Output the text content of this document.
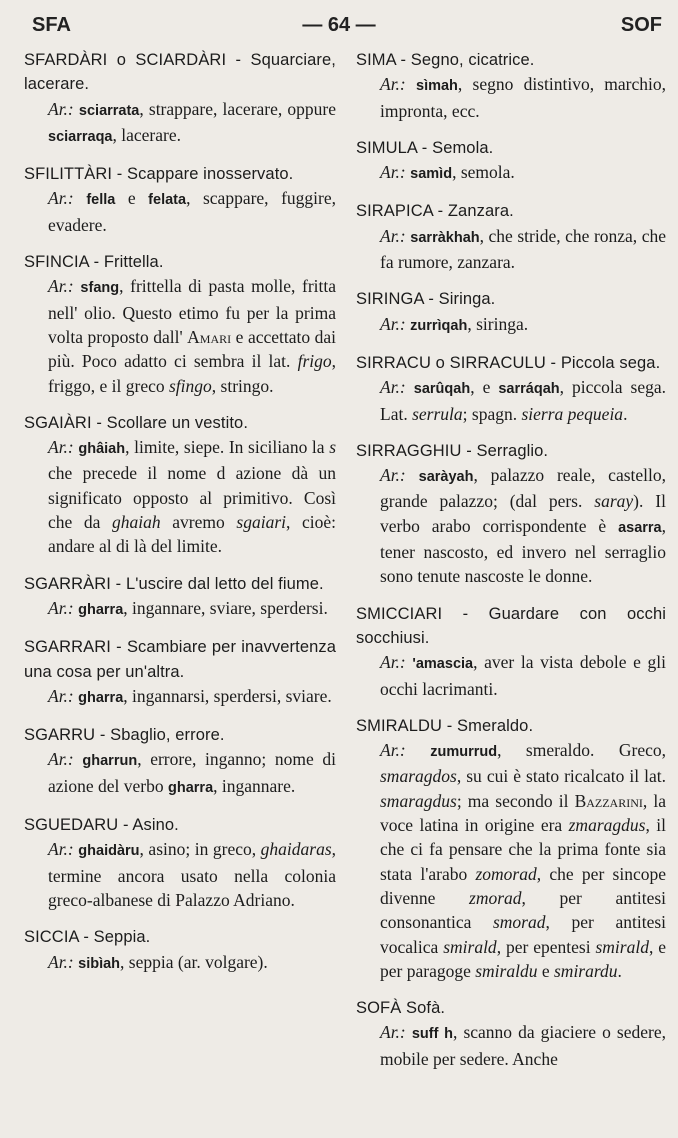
SFA	— 64 —	SOF
SFARDÀRI o SCIARDÀRI - Squarciare, lacerare.
Ar.: sciarrata, strappare, lacerare, oppure sciarraqa, lacerare.
SFILITTÀRI - Scappare inosservato.
Ar.: fella e felata, scappare, fuggire, evadere.
SFINCIA - Frittella.
Ar.: sfang, frittella di pasta molle, fritta nell' olio. Questo etimo fu per la prima volta proposto dall' Amari e accettato dai più. Poco adatto ci sembra il lat. frigo, friggo, e il greco sfingo, stringo.
SGAIÀRI - Scollare un vestito.
Ar.: ghâiah, limite, siepe. In siciliano la s che precede il nome d azione dà un significato opposto al primitivo. Così che da ghaiah avremo sgaiari, cioè: andare al di là del limite.
SGARRÀRI - L'uscire dal letto del fiume.
Ar.: gharra, ingannare, sviare, sperdersi.
SGARRARI - Scambiare per inavvertenza una cosa per un'altra.
Ar.: gharra, ingannarsi, sperdersi, sviare.
SGARRU - Sbaglio, errore.
Ar.: gharrun, errore, inganno; nome di azione del verbo gharra, ingannare.
SGUEDARU - Asino.
Ar.: ghaidàru, asino; in greco, ghaidaras, termine ancora usato nella colonia greco-albanese di Palazzo Adriano.
SICCIA - Seppia.
Ar.: sibìah, seppia (ar. volgare).
SIMA - Segno, cicatrice.
Ar.: sìmah, segno distintivo, marchio, impronta, ecc.
SIMULA - Semola.
Ar.: samìd, semola.
SIRAPICA - Zanzara.
Ar.: sarràkhah, che stride, che ronza, che fa rumore, zanzara.
SIRINGA - Siringa.
Ar.: zurrìqah, siringa.
SIRRACU o SIRRACULU - Piccola sega.
Ar.: sarûqah, e sarráqah, piccola sega. Lat. serrula; spagn. sierra pequeia.
SIRRAGGHIU - Serraglio.
Ar.: saràyah, palazzo reale, castello, grande palazzo; (dal pers. saray). Il verbo arabo corrispondente è asarra, tener nascosto, ed invero nel serraglio sono tenute nascoste le donne.
SMICCIARI - Guardare con occhi socchiusi.
Ar.: 'amascia, aver la vista debole e gli occhi lacrimanti.
SMIRALDU - Smeraldo.
Ar.: zumurrud, smeraldo. Greco, smaragdos, su cui è stato ricalcato il lat. smaragdus; ma secondo il Bazzarini, la voce latina in origine era zmaragdus, il che ci fa pensare che la prima fonte sia stata l'arabo zomorad, che per sincope divenne zmorad, per antitesi consonantica smorad, per antitesi vocalica smirald, per epentesi smirald, e per paragoge smiraldu e smirardu.
SOFÀ Sofà.
Ar.: suff h, scanno da giaciere o sedere, mobile per sedere. Anche
